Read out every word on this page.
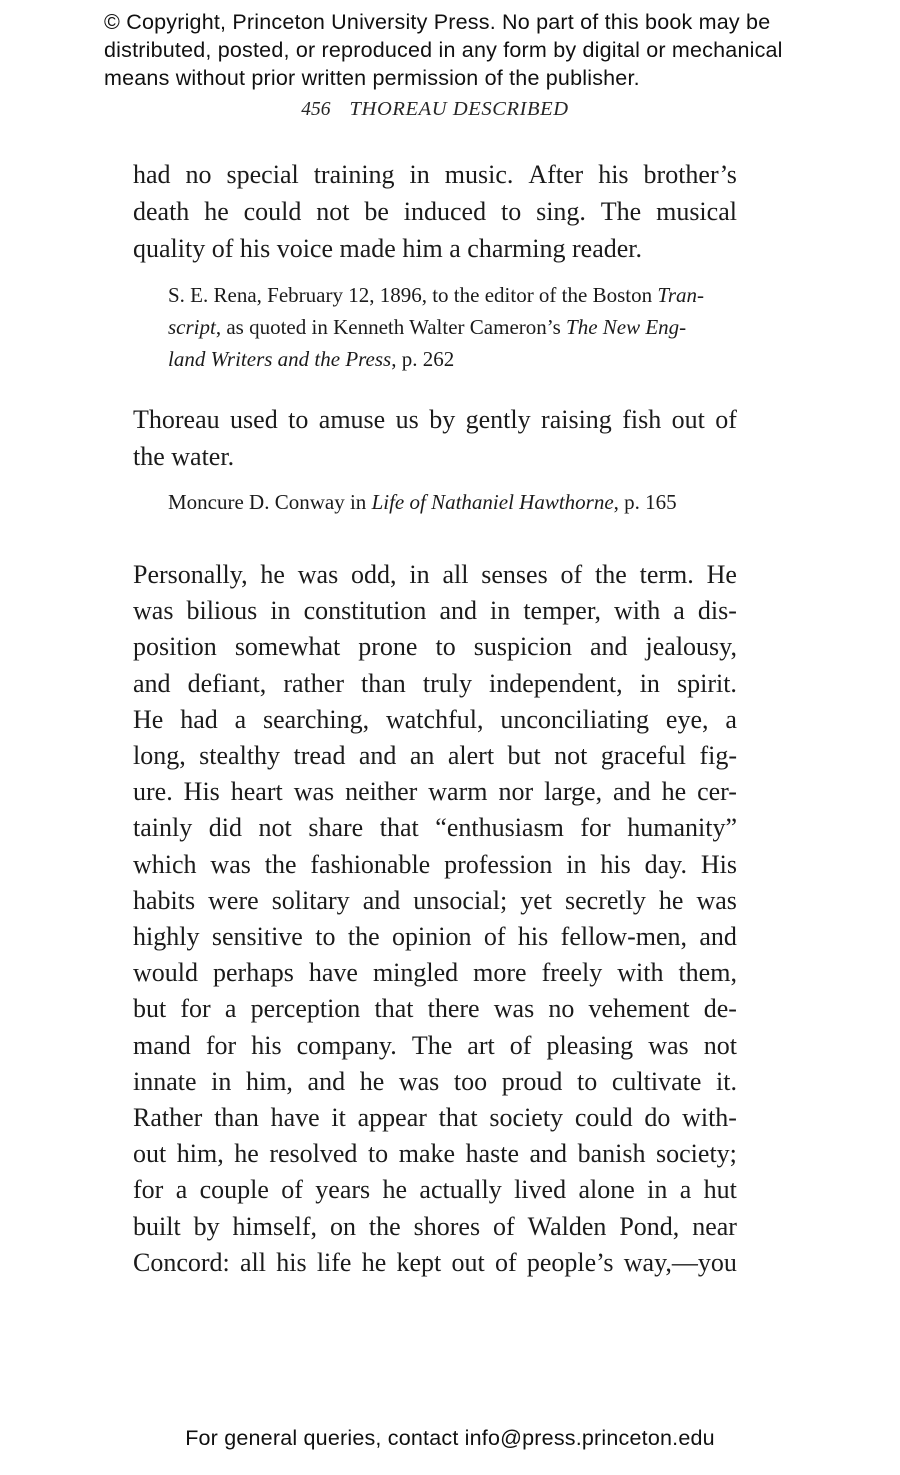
© Copyright, Princeton University Press. No part of this book may be
distributed, posted, or reproduced in any form by digital or mechanical
means without prior written permission of the publisher.
456 THOREAU DESCRIBED
had no special training in music. After his brother’s
death he could not be induced to sing. The musical
quality of his voice made him a charming reader.
S. E. Rena, February 12, 1896, to the editor of the Boston Tran-
script, as quoted in Kenneth Walter Cameron’s The New Eng-
land Writers and the Press, p. 262
Thoreau used to amuse us by gently raising fish out of
the water.
Moncure D. Conway in Life of Nathaniel Hawthorne, p. 165
Personally, he was odd, in all senses of the term. He
was bilious in constitution and in temper, with a dis-
position somewhat prone to suspicion and jealousy,
and defiant, rather than truly independent, in spirit.
He had a searching, watchful, unconciliating eye, a
long, stealthy tread and an alert but not graceful fig-
ure. His heart was neither warm nor large, and he cer-
tainly did not share that “enthusiasm for humanity”
which was the fashionable profession in his day. His
habits were solitary and unsocial; yet secretly he was
highly sensitive to the opinion of his fellow-men, and
would perhaps have mingled more freely with them,
but for a perception that there was no vehement de-
mand for his company. The art of pleasing was not
innate in him, and he was too proud to cultivate it.
Rather than have it appear that society could do with-
out him, he resolved to make haste and banish society;
for a couple of years he actually lived alone in a hut
built by himself, on the shores of Walden Pond, near
Concord: all his life he kept out of people’s way,—you
For general queries, contact info@press.princeton.edu
